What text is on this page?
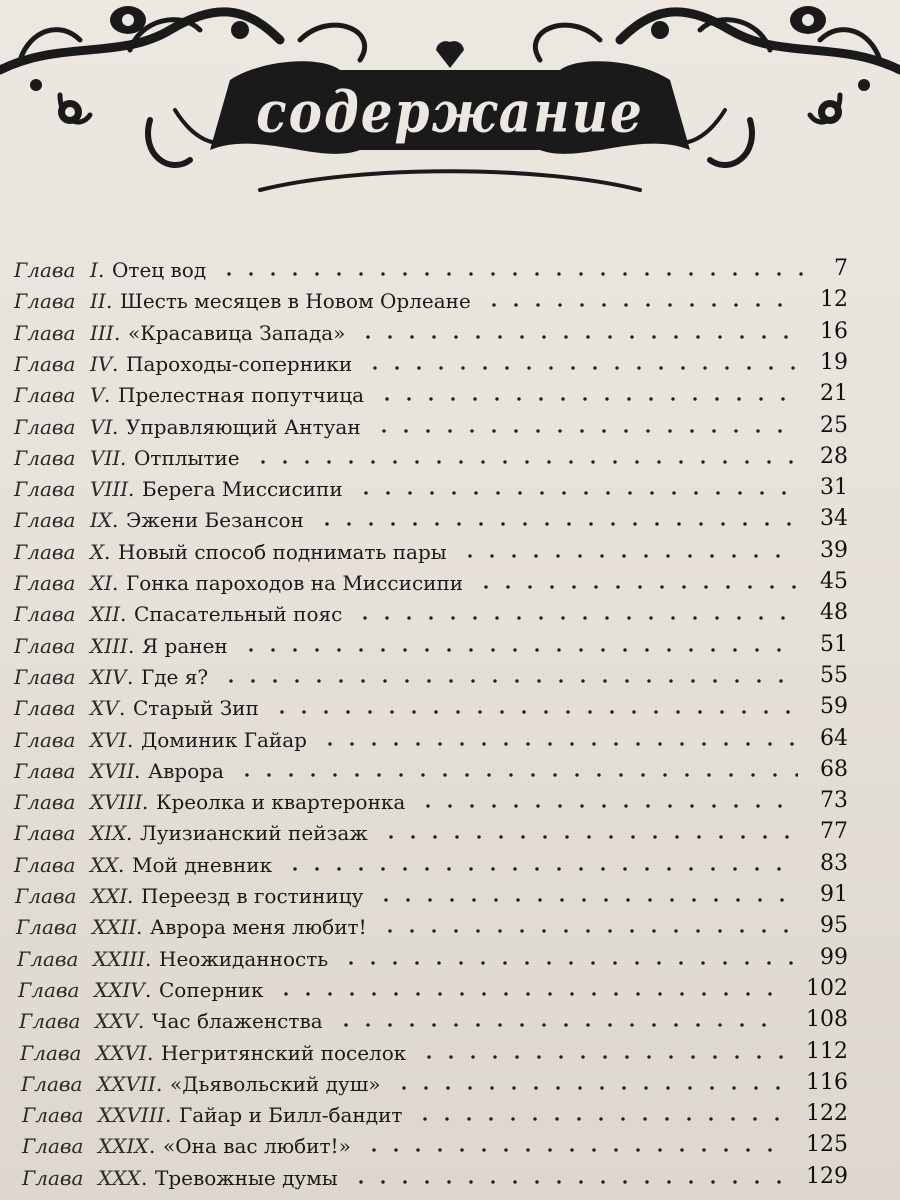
содержание
Глава I . Отец вод	7
Глава II . Шесть месяцев в Новом Орлеане	12
Глава III . «Красавица Запада»	16
Глава IV . Пароходы-соперники	19
Глава V . Прелестная попутчица	21
Глава VI . Управляющий Антуан	25
Глава VII . Отплытие	28
Глава VIII . Берега Миссисипи	31
Глава IX . Эжени Безансон	34
Глава X . Новый способ поднимать пары	39
Глава XI . Гонка пароходов на Миссисипи	45
Глава XII . Спасательный пояс	48
Глава XIII . Я ранен	51
Глава XIV . Где я?	55
Глава XV . Старый Зип	59
Глава XVI . Доминик Гайар	64
Глава XVII . Аврора	68
Глава XVIII . Креолка и квартеронка	73
Глава XIX . Луизианский пейзаж	77
Глава XX . Мой дневник	83
Глава XXI . Переезд в гостиницу	91
Глава XXII . Аврора меня любит!	95
Глава XXIII . Неожиданность	99
Глава XXIV . Соперник	102
Глава XXV . Час блаженства	108
Глава XXVI . Негритянский поселок	112
Глава XXVII . «Дьявольский душ»	116
Глава XXVIII . Гайар и Билл-бандит	122
Глава XXIX . «Она вас любит!»	125
Глава XXX . Тревожные думы	129
